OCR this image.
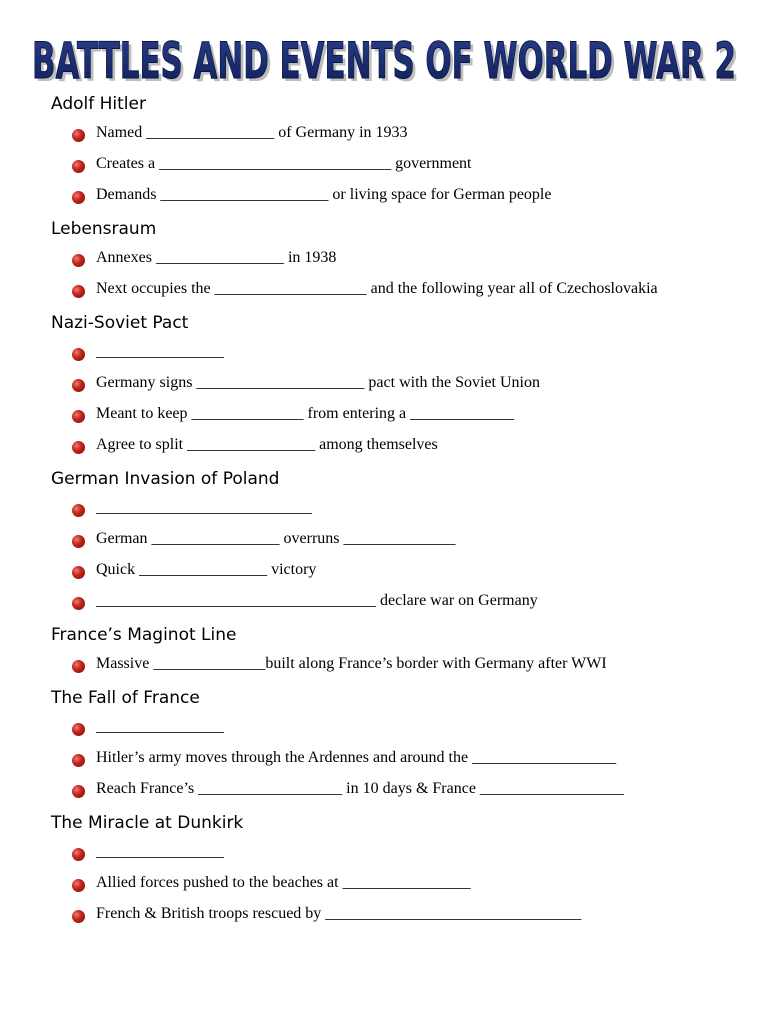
BATTLES AND EVENTS OF WORLD WAR 2
BATTLES AND EVENTS OF WORLD WAR 2
Adolf Hitler
Named ________________ of Germany in 1933
Creates a _____________________________ government
Demands _____________________ or living space for German people
Lebensraum
Annexes ________________ in 1938
Next occupies the ___________________ and the following year all of Czechoslovakia
Nazi-Soviet Pact
________________
Germany signs _____________________ pact with the Soviet Union
Meant to keep ______________ from entering a _____________
Agree to split ________________ among themselves
German Invasion of Poland
___________________________
German ________________ overruns ______________
Quick ________________ victory
___________________________________ declare war on Germany
France’s Maginot Line
Massive ______________built along France’s border with Germany after WWI
The Fall of France
________________
Hitler’s army moves through the Ardennes and around the __________________
Reach France’s __________________ in 10 days & France __________________
The Miracle at Dunkirk
________________
Allied forces pushed to the beaches at ________________
French & British troops rescued by ________________________________
